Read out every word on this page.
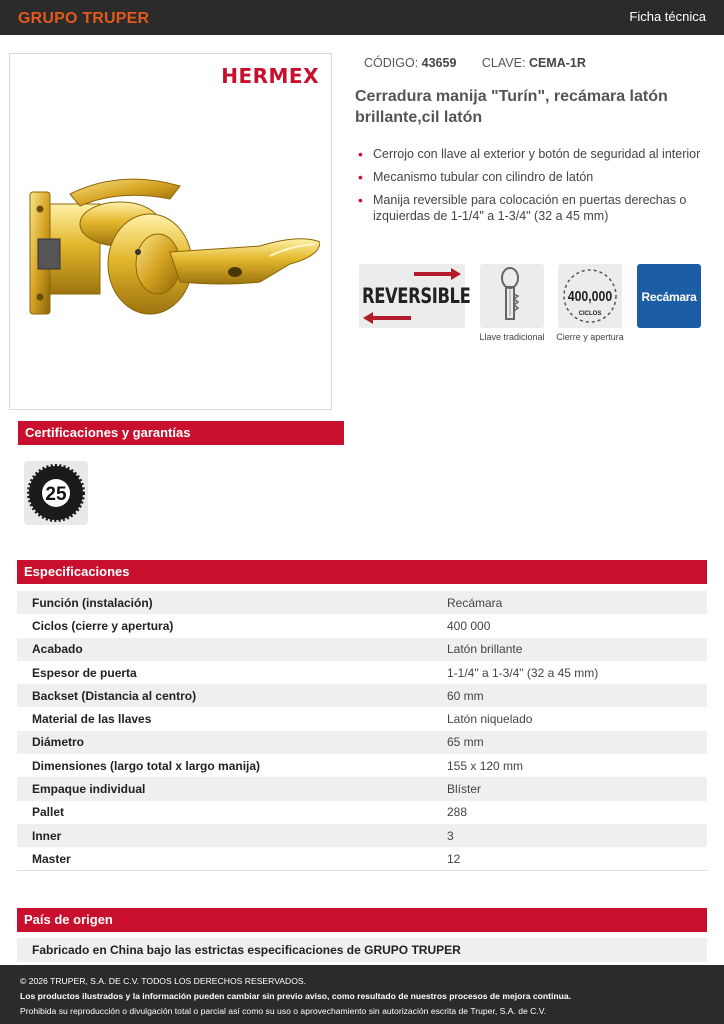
GRUPO TRUPER	Ficha técnica
HERMEX
CÓDIGO: 43659 CLAVE: CEMA-1R
Cerradura manija "Turín", recámara latón brillante,cil latón
• Cerrojo con llave al exterior y botón de seguridad al interior
• Mecanismo tubular con cilindro de latón
• Manija reversible para colocación en puertas derechas o izquierdas de 1-1/4" a 1-3/4" (32 a 45 mm)
REVERSIBLE
Llave tradicional
400,000
CICLOS
Cierre y apertura
Recámara
Certificaciones y garantías
25
Especificaciones
Función (instalación)	Recámara
Ciclos (cierre y apertura)	400 000
Acabado	Latón brillante
Espesor de puerta	1-1/4" a 1-3/4" (32 a 45 mm)
Backset (Distancia al centro)	60 mm
Material de las llaves	Latón niquelado
Diámetro	65 mm
Dimensiones (largo total x largo manija)	155 x 120 mm
Empaque individual	Blíster
Pallet	288
Inner	3
Master	12
País de origen
Fabricado en China bajo las estrictas especificaciones de GRUPO TRUPER

© 2026 TRUPER, S.A. DE C.V. TODOS LOS DERECHOS RESERVADOS.

Los productos ilustrados y la información pueden cambiar sin previo aviso, como resultado de nuestros procesos de mejora continua.

Prohibida su reproducción o divulgación total o parcial así como su uso o aprovechamiento sin autorización escrita de Truper, S.A. de C.V.
